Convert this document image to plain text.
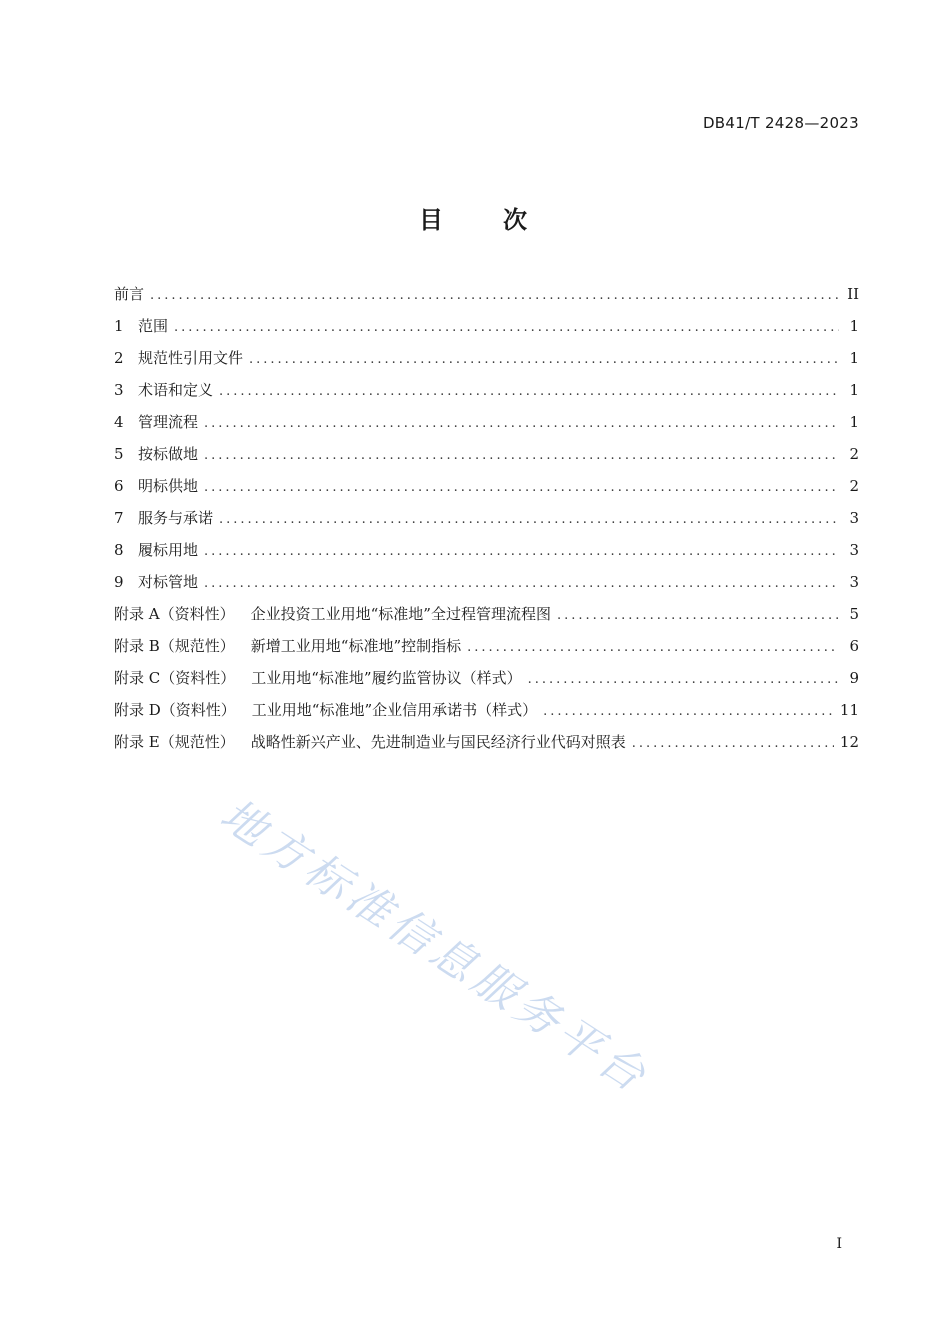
DB41/T 2428—2023
目 次
前言 .....	II
1 范围 .....	1
2 规范性引用文件 .....	1
3 术语和定义 .....	1
4 管理流程 .....	1
5 按标做地 .....	2
6 明标供地 .....	2
7 服务与承诺 .....	3
8 履标用地 .....	3
9 对标管地 .....	3
附录 A（资料性） 企业投资工业用地“标准地”全过程管理流程图 .....	5
附录 B（规范性） 新增工业用地“标准地”控制指标 .....	6
附录 C（资料性） 工业用地“标准地”履约监管协议（样式） .....	9
附录 D（资料性） 工业用地“标准地”企业信用承诺书（样式） .....	11
附录 E（规范性） 战略性新兴产业、先进制造业与国民经济行业代码对照表 .....	12
地方标准信息服务平台
I
